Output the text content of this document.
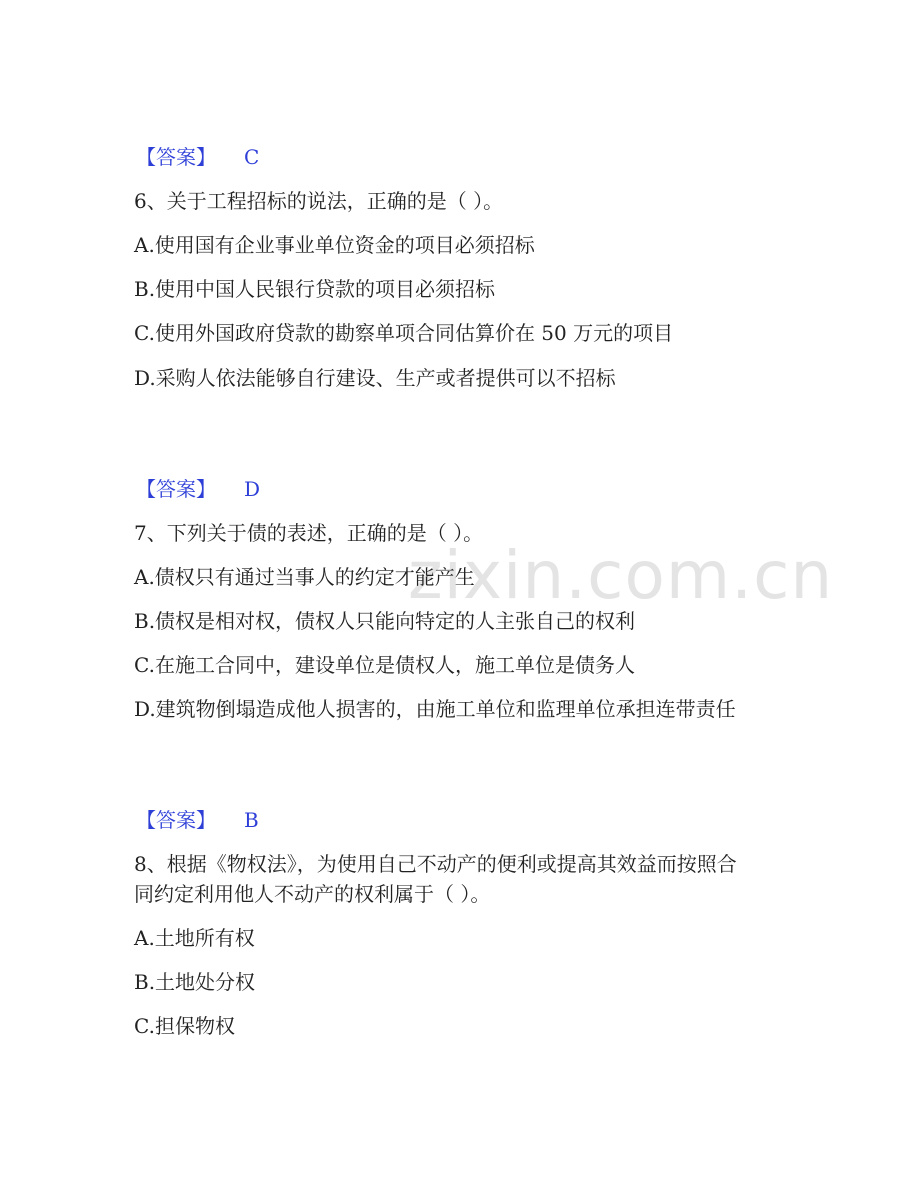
zixin.com.cn
【答案】 C
6、关于工程招标的说法，正确的是（ ）。
A.使用国有企业事业单位资金的项目必须招标
B.使用中国人民银行贷款的项目必须招标
C.使用外国政府贷款的勘察单项合同估算价在 50 万元的项目
D.采购人依法能够自行建设、生产或者提供可以不招标
【答案】 D
7、下列关于债的表述，正确的是（ ）。
A.债权只有通过当事人的约定才能产生
B.债权是相对权，债权人只能向特定的人主张自己的权利
C.在施工合同中，建设单位是债权人，施工单位是债务人
D.建筑物倒塌造成他人损害的，由施工单位和监理单位承担连带责任
【答案】 B
8、根据《物权法》，为使用自己不动产的便利或提高其效益而按照合
同约定利用他人不动产的权利属于（ ）。
A.土地所有权
B.土地处分权
C.担保物权
